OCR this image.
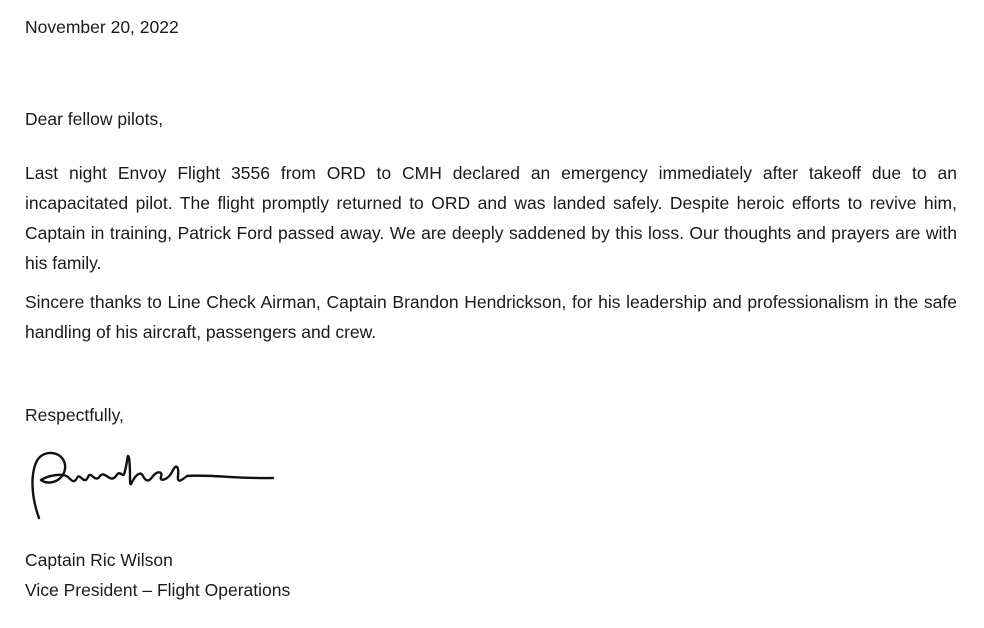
November 20, 2022

Dear fellow pilots,

Last night Envoy Flight 3556 from ORD to CMH declared an emergency immediately after takeoff due to an incapacitated pilot. The flight promptly returned to ORD and was landed safely. Despite heroic efforts to revive him, Captain in training, Patrick Ford passed away. We are deeply saddened by this loss. Our thoughts and prayers are with his family.

Sincere thanks to Line Check Airman, Captain Brandon Hendrickson, for his leadership and professionalism in the safe handling of his aircraft, passengers and crew.

Respectfully,

Captain Ric Wilson

Vice President – Flight Operations
